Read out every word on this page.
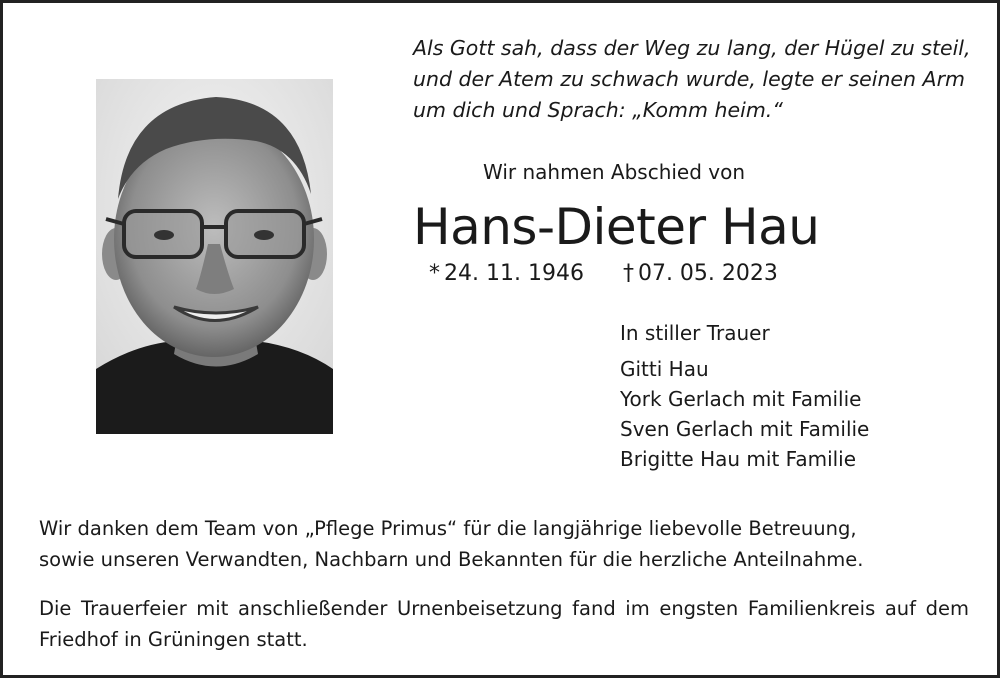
Als Gott sah, dass der Weg zu lang, der Hügel zu steil,
und der Atem zu schwach wurde, legte er seinen Arm
um dich und Sprach: „Komm heim.“
Wir nahmen Abschied von
Hans-Dieter Hau
* 24. 11. 1946 † 07. 05. 2023
In stiller Trauer
Gitti Hau
York Gerlach mit Familie
Sven Gerlach mit Familie
Brigitte Hau mit Familie
Wir danken dem Team von „Pflege Primus“ für die langjährige liebevolle Betreuung,
sowie unseren Verwandten, Nachbarn und Bekannten für die herzliche Anteilnahme.
Die Trauerfeier mit anschließender Urnenbeisetzung fand im engsten Familienkreis auf dem Friedhof in Grüningen statt.
